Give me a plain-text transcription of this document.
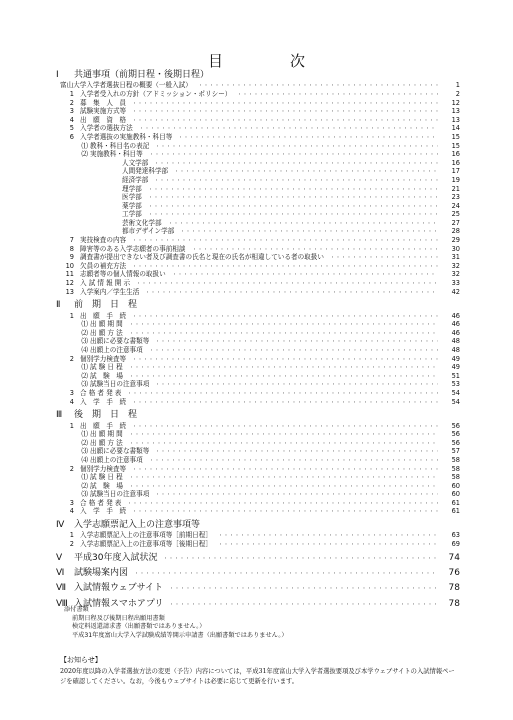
目　次
Ⅰ	共通事項（前期日程・後期日程）
富山大学入学者選抜日程の概要（一般入試） ・・・・・・・・・・・・・・・・・・・・・・・・・・・・・・・・・・・・・・・・・・・・・・・・・・・・・・・・・・・・・・・・・・・・・・・・・・・・・・・・・・・	1
1 入学者受入れの方針（アドミッション・ポリシー） ・・・・・・・・・・・・・・・・・・・・・・・・・・・・・・・・・・・・・・・・・・・・・・・・・・・・・・・・・・・・・・・・・・・・・・・・・・・・・・・・・・・	2
2 募　集　人　員 ・・・・・・・・・・・・・・・・・・・・・・・・・・・・・・・・・・・・・・・・・・・・・・・・・・・・・・・・・・・・・・・・・・・・・・・・・・・・・・・・・・・	12
3 試験実施方式等 ・・・・・・・・・・・・・・・・・・・・・・・・・・・・・・・・・・・・・・・・・・・・・・・・・・・・・・・・・・・・・・・・・・・・・・・・・・・・・・・・・・・	13
4 出　願　資　格 ・・・・・・・・・・・・・・・・・・・・・・・・・・・・・・・・・・・・・・・・・・・・・・・・・・・・・・・・・・・・・・・・・・・・・・・・・・・・・・・・・・・	13
5 入学者の選抜方法 ・・・・・・・・・・・・・・・・・・・・・・・・・・・・・・・・・・・・・・・・・・・・・・・・・・・・・・・・・・・・・・・・・・・・・・・・・・・・・・・・・・・	14
6 入学者選抜の実施教科・科目等 ・・・・・・・・・・・・・・・・・・・・・・・・・・・・・・・・・・・・・・・・・・・・・・・・・・・・・・・・・・・・・・・・・・・・・・・・・・・・・・・・・・・	15
⑴ 教科・科目名の表記 ・・・・・・・・・・・・・・・・・・・・・・・・・・・・・・・・・・・・・・・・・・・・・・・・・・・・・・・・・・・・・・・・・・・・・・・・・・・・・・・・・・・	15
⑵ 実施教科・科目等 ・・・・・・・・・・・・・・・・・・・・・・・・・・・・・・・・・・・・・・・・・・・・・・・・・・・・・・・・・・・・・・・・・・・・・・・・・・・・・・・・・・・	16
人文学部 ・・・・・・・・・・・・・・・・・・・・・・・・・・・・・・・・・・・・・・・・・・・・・・・・・・・・・・・・・・・・・・・・・・・・・・・・・・・・・・・・・・・	16
人間発達科学部 ・・・・・・・・・・・・・・・・・・・・・・・・・・・・・・・・・・・・・・・・・・・・・・・・・・・・・・・・・・・・・・・・・・・・・・・・・・・・・・・・・・・	17
経済学部 ・・・・・・・・・・・・・・・・・・・・・・・・・・・・・・・・・・・・・・・・・・・・・・・・・・・・・・・・・・・・・・・・・・・・・・・・・・・・・・・・・・・	19
理学部 ・・・・・・・・・・・・・・・・・・・・・・・・・・・・・・・・・・・・・・・・・・・・・・・・・・・・・・・・・・・・・・・・・・・・・・・・・・・・・・・・・・・	21
医学部 ・・・・・・・・・・・・・・・・・・・・・・・・・・・・・・・・・・・・・・・・・・・・・・・・・・・・・・・・・・・・・・・・・・・・・・・・・・・・・・・・・・・	23
薬学部 ・・・・・・・・・・・・・・・・・・・・・・・・・・・・・・・・・・・・・・・・・・・・・・・・・・・・・・・・・・・・・・・・・・・・・・・・・・・・・・・・・・・	24
工学部 ・・・・・・・・・・・・・・・・・・・・・・・・・・・・・・・・・・・・・・・・・・・・・・・・・・・・・・・・・・・・・・・・・・・・・・・・・・・・・・・・・・・	25
芸術文化学部 ・・・・・・・・・・・・・・・・・・・・・・・・・・・・・・・・・・・・・・・・・・・・・・・・・・・・・・・・・・・・・・・・・・・・・・・・・・・・・・・・・・・	27
都市デザイン学部 ・・・・・・・・・・・・・・・・・・・・・・・・・・・・・・・・・・・・・・・・・・・・・・・・・・・・・・・・・・・・・・・・・・・・・・・・・・・・・・・・・・・	28
7 実技検査の内容 ・・・・・・・・・・・・・・・・・・・・・・・・・・・・・・・・・・・・・・・・・・・・・・・・・・・・・・・・・・・・・・・・・・・・・・・・・・・・・・・・・・・	29
8 障害等のある入学志願者の事前相談 ・・・・・・・・・・・・・・・・・・・・・・・・・・・・・・・・・・・・・・・・・・・・・・・・・・・・・・・・・・・・・・・・・・・・・・・・・・・・・・・・・・・	30
9 調査書が提出できない者及び調査書の氏名と現在の氏名が相違している者の取扱い ・・・・・・・・・・・・・・・・・・・・・・・・・・・・・・・・・・・・・・・・・・・・・・・・・・・・・・・・・・・・・・・・・・・・・・・・・・・・・・・・・・・	31
10 欠員の補充方法 ・・・・・・・・・・・・・・・・・・・・・・・・・・・・・・・・・・・・・・・・・・・・・・・・・・・・・・・・・・・・・・・・・・・・・・・・・・・・・・・・・・・	32
11 志願者等の個人情報の取扱い ・・・・・・・・・・・・・・・・・・・・・・・・・・・・・・・・・・・・・・・・・・・・・・・・・・・・・・・・・・・・・・・・・・・・・・・・・・・・・・・・・・・	32
12 入 試 情 報 開 示 ・・・・・・・・・・・・・・・・・・・・・・・・・・・・・・・・・・・・・・・・・・・・・・・・・・・・・・・・・・・・・・・・・・・・・・・・・・・・・・・・・・・	33
13 入学案内／学生生活 ・・・・・・・・・・・・・・・・・・・・・・・・・・・・・・・・・・・・・・・・・・・・・・・・・・・・・・・・・・・・・・・・・・・・・・・・・・・・・・・・・・・	42
Ⅱ	前　期　日　程
1 出　願　手　続 ・・・・・・・・・・・・・・・・・・・・・・・・・・・・・・・・・・・・・・・・・・・・・・・・・・・・・・・・・・・・・・・・・・・・・・・・・・・・・・・・・・・	46
⑴ 出 願 期 間 ・・・・・・・・・・・・・・・・・・・・・・・・・・・・・・・・・・・・・・・・・・・・・・・・・・・・・・・・・・・・・・・・・・・・・・・・・・・・・・・・・・・	46
⑵ 出 願 方 法 ・・・・・・・・・・・・・・・・・・・・・・・・・・・・・・・・・・・・・・・・・・・・・・・・・・・・・・・・・・・・・・・・・・・・・・・・・・・・・・・・・・・	46
⑶ 出願に必要な書類等 ・・・・・・・・・・・・・・・・・・・・・・・・・・・・・・・・・・・・・・・・・・・・・・・・・・・・・・・・・・・・・・・・・・・・・・・・・・・・・・・・・・・	48
⑷ 出願上の注意事項 ・・・・・・・・・・・・・・・・・・・・・・・・・・・・・・・・・・・・・・・・・・・・・・・・・・・・・・・・・・・・・・・・・・・・・・・・・・・・・・・・・・・	48
2 個別学力検査等 ・・・・・・・・・・・・・・・・・・・・・・・・・・・・・・・・・・・・・・・・・・・・・・・・・・・・・・・・・・・・・・・・・・・・・・・・・・・・・・・・・・・	49
⑴ 試 験 日 程 ・・・・・・・・・・・・・・・・・・・・・・・・・・・・・・・・・・・・・・・・・・・・・・・・・・・・・・・・・・・・・・・・・・・・・・・・・・・・・・・・・・・	49
⑵ 試　験　場 ・・・・・・・・・・・・・・・・・・・・・・・・・・・・・・・・・・・・・・・・・・・・・・・・・・・・・・・・・・・・・・・・・・・・・・・・・・・・・・・・・・・	51
⑶ 試験当日の注意事項 ・・・・・・・・・・・・・・・・・・・・・・・・・・・・・・・・・・・・・・・・・・・・・・・・・・・・・・・・・・・・・・・・・・・・・・・・・・・・・・・・・・・	53
3 合 格 者 発 表 ・・・・・・・・・・・・・・・・・・・・・・・・・・・・・・・・・・・・・・・・・・・・・・・・・・・・・・・・・・・・・・・・・・・・・・・・・・・・・・・・・・・	54
4 入　学　手　続 ・・・・・・・・・・・・・・・・・・・・・・・・・・・・・・・・・・・・・・・・・・・・・・・・・・・・・・・・・・・・・・・・・・・・・・・・・・・・・・・・・・・	54
Ⅲ	後　期　日　程
1 出　願　手　続 ・・・・・・・・・・・・・・・・・・・・・・・・・・・・・・・・・・・・・・・・・・・・・・・・・・・・・・・・・・・・・・・・・・・・・・・・・・・・・・・・・・・	56
⑴ 出 願 期 間 ・・・・・・・・・・・・・・・・・・・・・・・・・・・・・・・・・・・・・・・・・・・・・・・・・・・・・・・・・・・・・・・・・・・・・・・・・・・・・・・・・・・	56
⑵ 出 願 方 法 ・・・・・・・・・・・・・・・・・・・・・・・・・・・・・・・・・・・・・・・・・・・・・・・・・・・・・・・・・・・・・・・・・・・・・・・・・・・・・・・・・・・	56
⑶ 出願に必要な書類等 ・・・・・・・・・・・・・・・・・・・・・・・・・・・・・・・・・・・・・・・・・・・・・・・・・・・・・・・・・・・・・・・・・・・・・・・・・・・・・・・・・・・	57
⑷ 出願上の注意事項 ・・・・・・・・・・・・・・・・・・・・・・・・・・・・・・・・・・・・・・・・・・・・・・・・・・・・・・・・・・・・・・・・・・・・・・・・・・・・・・・・・・・	58
2 個別学力検査等 ・・・・・・・・・・・・・・・・・・・・・・・・・・・・・・・・・・・・・・・・・・・・・・・・・・・・・・・・・・・・・・・・・・・・・・・・・・・・・・・・・・・	58
⑴ 試 験 日 程 ・・・・・・・・・・・・・・・・・・・・・・・・・・・・・・・・・・・・・・・・・・・・・・・・・・・・・・・・・・・・・・・・・・・・・・・・・・・・・・・・・・・	58
⑵ 試　験　場 ・・・・・・・・・・・・・・・・・・・・・・・・・・・・・・・・・・・・・・・・・・・・・・・・・・・・・・・・・・・・・・・・・・・・・・・・・・・・・・・・・・・	60
⑶ 試験当日の注意事項 ・・・・・・・・・・・・・・・・・・・・・・・・・・・・・・・・・・・・・・・・・・・・・・・・・・・・・・・・・・・・・・・・・・・・・・・・・・・・・・・・・・・	60
3 合 格 者 発 表 ・・・・・・・・・・・・・・・・・・・・・・・・・・・・・・・・・・・・・・・・・・・・・・・・・・・・・・・・・・・・・・・・・・・・・・・・・・・・・・・・・・・	61
4 入　学　手　続 ・・・・・・・・・・・・・・・・・・・・・・・・・・・・・・・・・・・・・・・・・・・・・・・・・・・・・・・・・・・・・・・・・・・・・・・・・・・・・・・・・・・	61
Ⅳ	入学志願票記入上の注意事項等
1 入学志願票記入上の注意事項等［前期日程］ ・・・・・・・・・・・・・・・・・・・・・・・・・・・・・・・・・・・・・・・・・・・・・・・・・・・・・・・・・・・・・・・・・・・・・・・・・・・・・・・・・・・	63
2 入学志願票記入上の注意事項等［後期日程］ ・・・・・・・・・・・・・・・・・・・・・・・・・・・・・・・・・・・・・・・・・・・・・・・・・・・・・・・・・・・・・・・・・・・・・・・・・・・・・・・・・・・	69
Ⅴ	平成30年度入試状況 ・・・・・・・・・・・・・・・・・・・・・・・・・・・・・・・・・・・・・・・・・・・・・・・・・・・・・・・・・・・・・・・・・・・・・・・・・・・・・・・・・・・	74
Ⅵ	試験場案内図 ・・・・・・・・・・・・・・・・・・・・・・・・・・・・・・・・・・・・・・・・・・・・・・・・・・・・・・・・・・・・・・・・・・・・・・・・・・・・・・・・・・・	76
Ⅶ 入試情報ウェブサイト ・・・・・・・・・・・・・・・・・・・・・・・・・・・・・・・・・・・・・・・・・・・・・・・・・・・・・・・・・・・・・・・・・・・・・・・・・・・・・・・・・・・	78
Ⅷ 入試情報スマホアプリ ・・・・・・・・・・・・・・・・・・・・・・・・・・・・・・・・・・・・・・・・・・・・・・・・・・・・・・・・・・・・・・・・・・・・・・・・・・・・・・・・・・・	78
添付書類
前期日程及び後期日程出願用書類
検定料返還請求書（出願書類ではありません。）
平成31年度富山大学入学試験成績等開示申請書（出願書類ではありません。）
【お知らせ】
2020年度以降の入学者選抜方法の変更（予告）内容については，平成31年度富山大学入学者選抜要項及び本学ウェブサイトの入試情報ページを確認してください。なお，今後もウェブサイトは必要に応じて更新を行います。
